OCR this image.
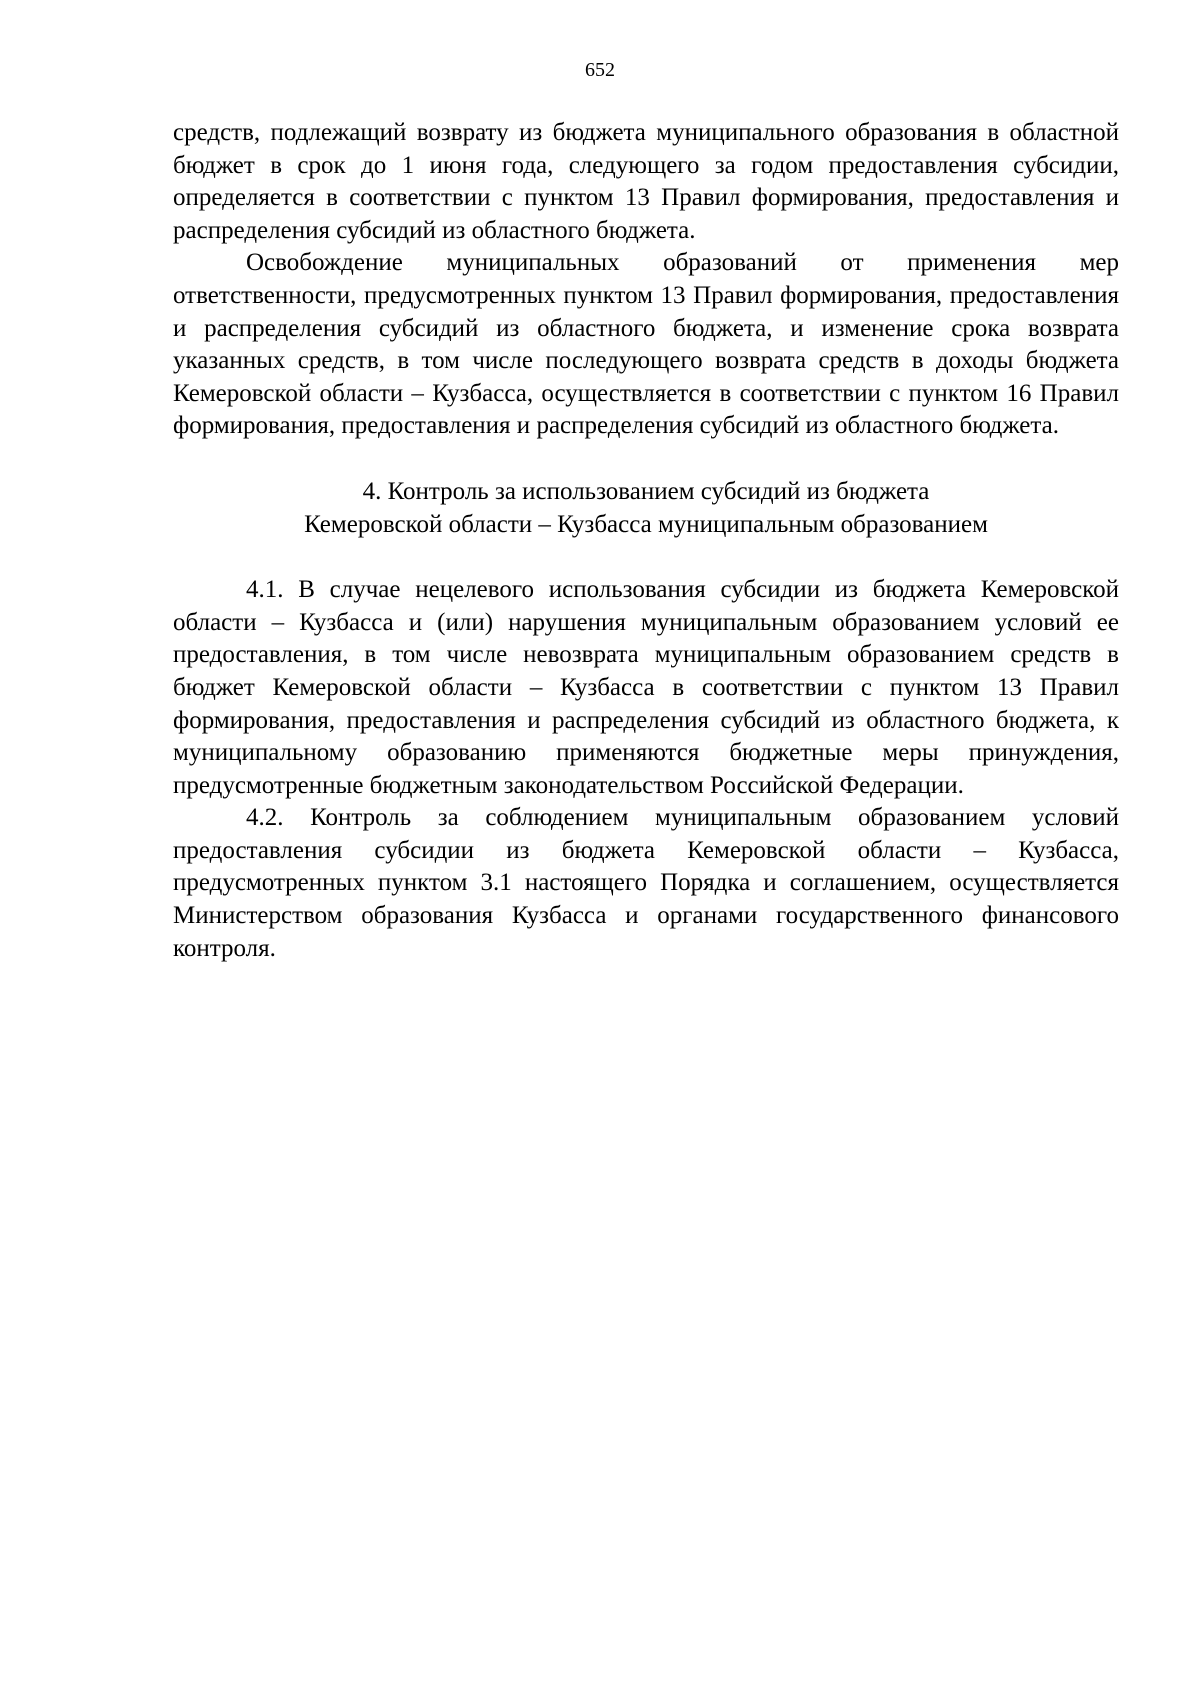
652

средств, подлежащий возврату из бюджета муниципального образования в областной бюджет в срок до 1 июня года, следующего за годом предоставления субсидии, определяется в соответствии с пунктом 13 Правил формирования, предоставления и распределения субсидий из областного бюджета.

Освобождение муниципальных образований от применения мер ответственности, предусмотренных пунктом 13 Правил формирования, предоставления и распределения субсидий из областного бюджета, и изменение срока возврата указанных средств, в том числе последующего возврата средств в доходы бюджета Кемеровской области – Кузбасса, осуществляется в соответствии с пунктом 16 Правил формирования, предоставления и распределения субсидий из областного бюджета.

4. Контроль за использованием субсидий из бюджета
Кемеровской области – Кузбасса муниципальным образованием

4.1. В случае нецелевого использования субсидии из бюджета Кемеровской области – Кузбасса и (или) нарушения муниципальным образованием условий ее предоставления, в том числе невозврата муниципальным образованием средств в бюджет Кемеровской области – Кузбасса в соответствии с пунктом 13 Правил формирования, предоставления и распределения субсидий из областного бюджета, к муниципальному образованию применяются бюджетные меры принуждения, предусмотренные бюджетным законодательством Российской Федерации.

4.2. Контроль за соблюдением муниципальным образованием условий предоставления субсидии из бюджета Кемеровской области – Кузбасса, предусмотренных пунктом 3.1 настоящего Порядка и соглашением, осуществляется Министерством образования Кузбасса и органами государственного финансового контроля.
